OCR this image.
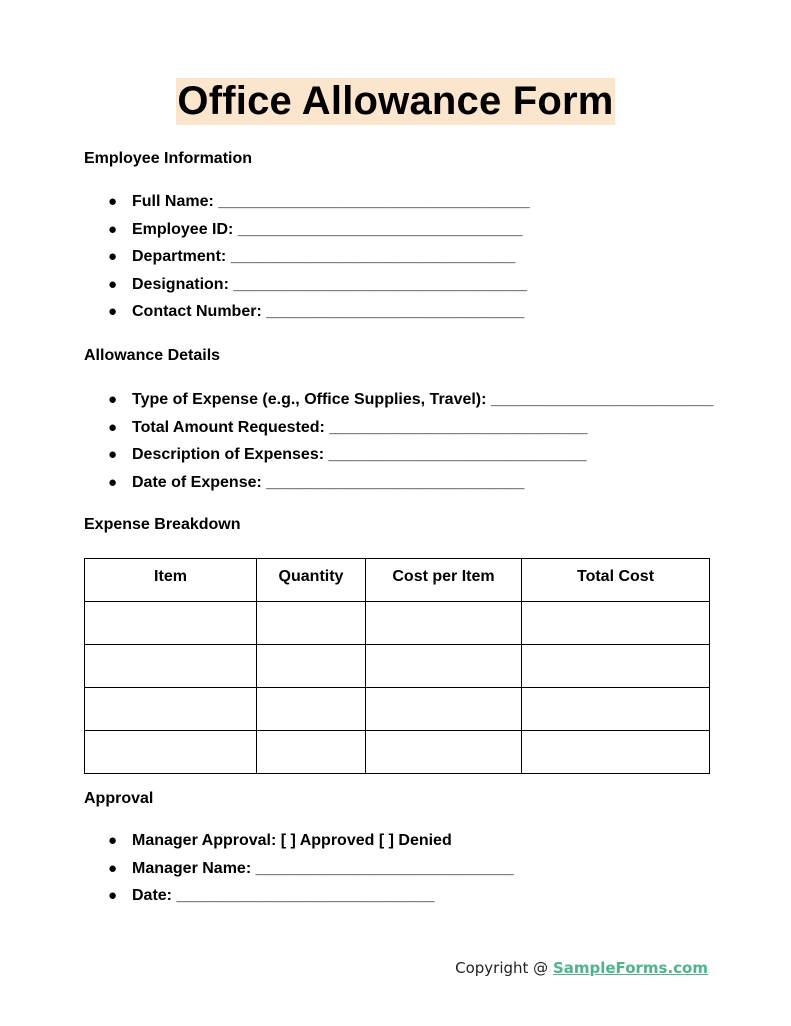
Office Allowance Form
Employee Information
● Full Name: ___________________________________
● Employee ID: ________________________________
● Department: ________________________________
● Designation: _________________________________
● Contact Number: _____________________________
Allowance Details
● Type of Expense (e.g., Office Supplies, Travel): _________________________
● Total Amount Requested: _____________________________
● Description of Expenses: _____________________________
● Date of Expense: _____________________________
Expense Breakdown
Item	Quantity	Cost per Item	Total Cost

Approval
● Manager Approval: [ ] Approved [ ] Denied
● Manager Name: _____________________________
● Date: _____________________________
Copyright @ SampleForms.com
